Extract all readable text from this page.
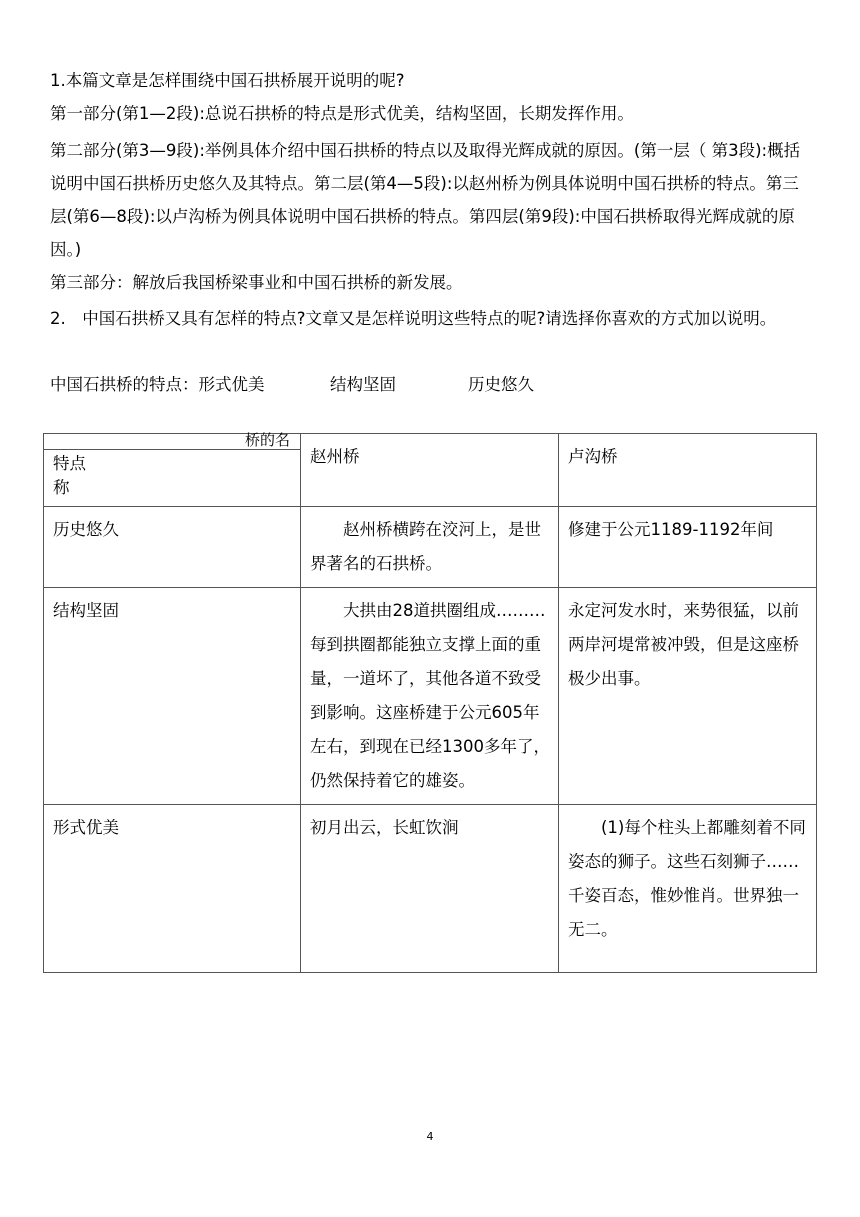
1.本篇文章是怎样围绕中国石拱桥展开说明的呢?

第一部分(第1—2段):总说石拱桥的特点是形式优美，结构坚固，长期发挥作用。

第二部分(第3—9段):举例具体介绍中国石拱桥的特点以及取得光辉成就的原因。(第一层（ 第3段):概括说明中国石拱桥历史悠久及其特点。第二层(第4—5段):以赵州桥为例具体说明中国石拱桥的特点。第三层(第6—8段):以卢沟桥为例具体说明中国石拱桥的特点。第四层(第9段):中国石拱桥取得光辉成就的原因。)

第三部分：解放后我国桥梁事业和中国石拱桥的新发展。

2.　中国石拱桥又具有怎样的特点?文章又是怎样说明这些特点的呢?请选择你喜欢的方式加以说明。

中国石拱桥的特点：形式优美	结构坚固	历史悠久
桥的名
特点
称	赵州桥	卢沟桥
历史悠久	赵州桥横跨在洨河上，是世界著名的石拱桥。	修建于公元1189-1192年间
结构坚固	大拱由28道拱圈组成………每到拱圈都能独立支撑上面的重量，一道坏了，其他各道不致受到影响。这座桥建于公元605年左右，到现在已经1300多年了，仍然保持着它的雄姿。	永定河发水时，来势很猛，以前两岸河堤常被冲毁，但是这座桥极少出事。
形式优美	初月出云，长虹饮涧	(1)每个柱头上都雕刻着不同姿态的狮子。这些石刻狮子……千姿百态，惟妙惟肖。世界独一无二。
4
